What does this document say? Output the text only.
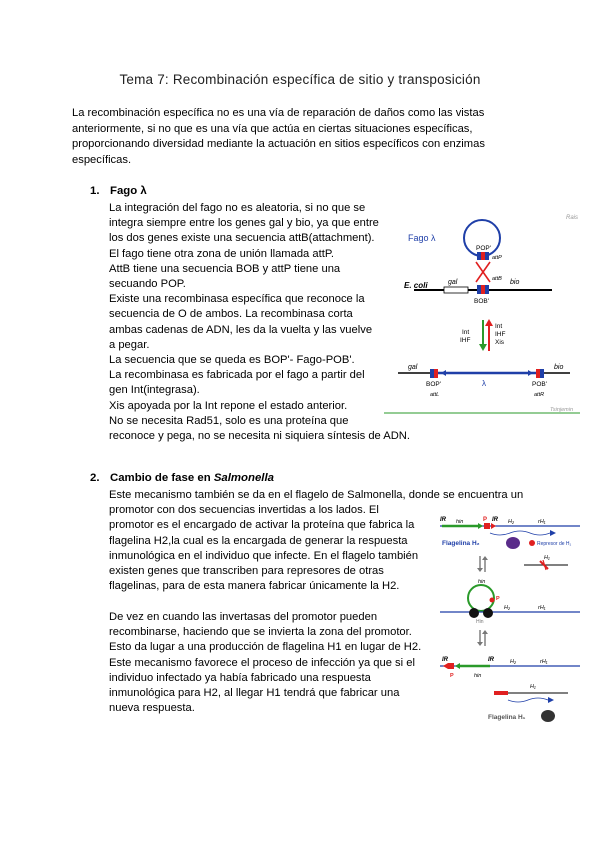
Tema 7: Recombinación específica de sitio y transposición
La recombinación específica no es una vía de reparación de daños como las vistas anteriormente, si no que es una vía que actúa en ciertas situaciones específicas, proporcionando diversidad mediante la actuación en sitios específicos con enzimas específicas.
1. Fago λ
La integración del fago no es aleatoria, si no que se
integra siempre entre los genes gal y bio, ya que entre
los dos genes existe una secuencia attB(attachment).
El fago tiene otra zona de unión llamada attP.
AttB tiene una secuencia BOB y attP tiene una
secuando POP.
Existe una recombinasa específica que reconoce la
secuencia de O de ambos. La recombinasa corta
ambas cadenas de ADN, les da la vuelta y las vuelve
a pegar.
La secuencia que se queda es BOP'- Fago-POB'.
La recombinasa es fabricada por el fago a partir del
gen Int(integrasa).
Xis apoyada por la Int repone el estado anterior.
No se necesita Rad51, solo es una proteína que
reconoce y pega, no se necesita ni siquiera síntesis de ADN.
Rais
Fago λ
POP'
attP
attB
E. coli	gal	bio
BOB'
Int
IHF
Int
IHF
Xis
gal	bio
BOP'	λ	POB'
attL	attR
Tsinjemin
2. Cambio de fase en Salmonella
Este mecanismo también se da en el flagelo de Salmonella, donde se encuentra un
promotor con dos secuencias invertidas a los lados. El
promotor es el encargado de activar la proteína que fabrica la
flagelina H2,la cual es la encargada de generar la respuesta
inmunológica en el individuo que infecte. En el flagelo también
existen genes que transcriben para represores de otras
flagelinas, para de esta manera fabricar únicamente la H2.
De vez en cuando las invertasas del promotor pueden
recombinarse, haciendo que se invierta la zona del promotor.
Esto da lugar a una producción de flagelina H1 en lugar de H2.
Este mecanismo favorece el proceso de infección ya que si el
individuo infectado ya había fabricado una respuesta
inmunológica para H2, al llegar H1 tendrá que fabricar una
nueva respuesta.
IR hin	P IR H₂	rH₁
Flagelina H₂	Represor de H₁
H₁
hin
P
H₂	rH₁
Hin
IR	IR	H₂	rH₁
P	hin
H₁
Flagelina H₁
